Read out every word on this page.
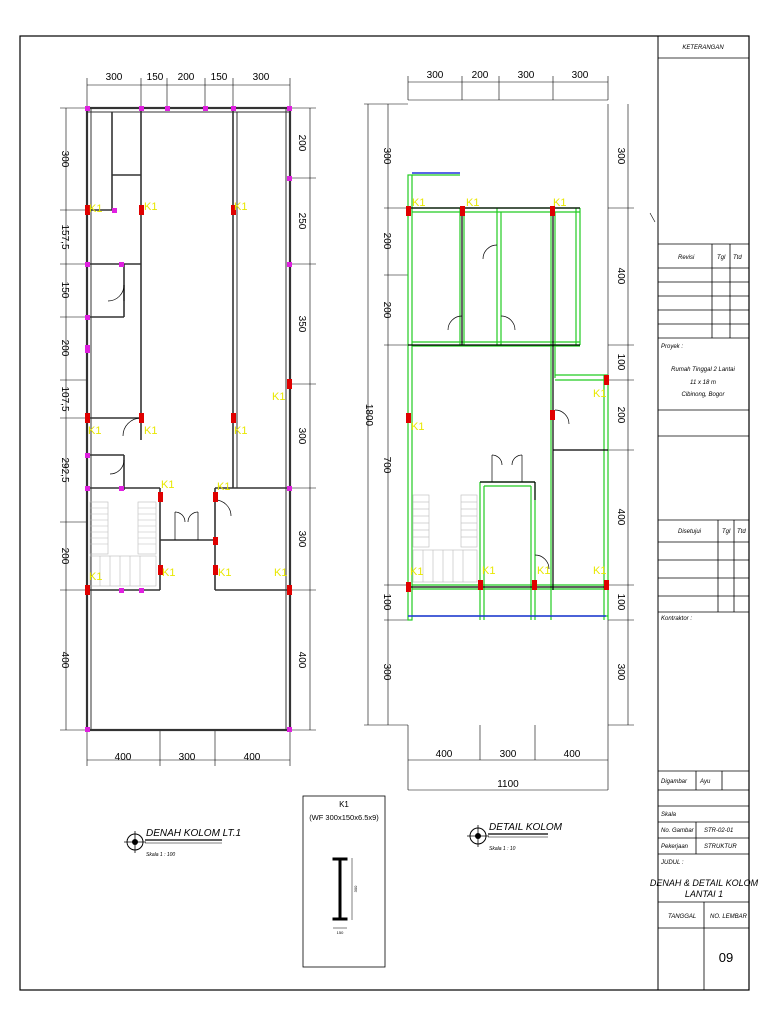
K1	K1	K1
K1
K1	K1	K1
K1	K1
K1	K1	K1	K1
300 150 200 150	300
400	300	400
300
157,5
150
200
107,5
292,5
200
400
200
250
350
300
300
400
DENAH KOLOM LT.1
Skala 1 : 100
K1	K1	K1
K1
K1
K1	K1	K1	K1
300	200	300	300
400	300	400
1100
1800
300
200
200
700
100
300
300
400
100
200
400
100
300
DETAIL KOLOM
Skala 1 : 10
K1
(WF 300x150x6.5x9)
300
150
KETERANGAN
Revisi	Tgl Ttd
Proyek :
Rumah Tinggal 2 Lantai
11 x 18 m
Cibinong, Bogor
Disetujui	Tgl Ttd
Kontraktor :
Digambar Ayu
Skala
No. Gambar STR-02-01
Pekerjaan	STRUKTUR
JUDUL :
DENAH & DETAIL KOLOM
LANTAI 1
TANGGAL NO. LEMBAR
09
